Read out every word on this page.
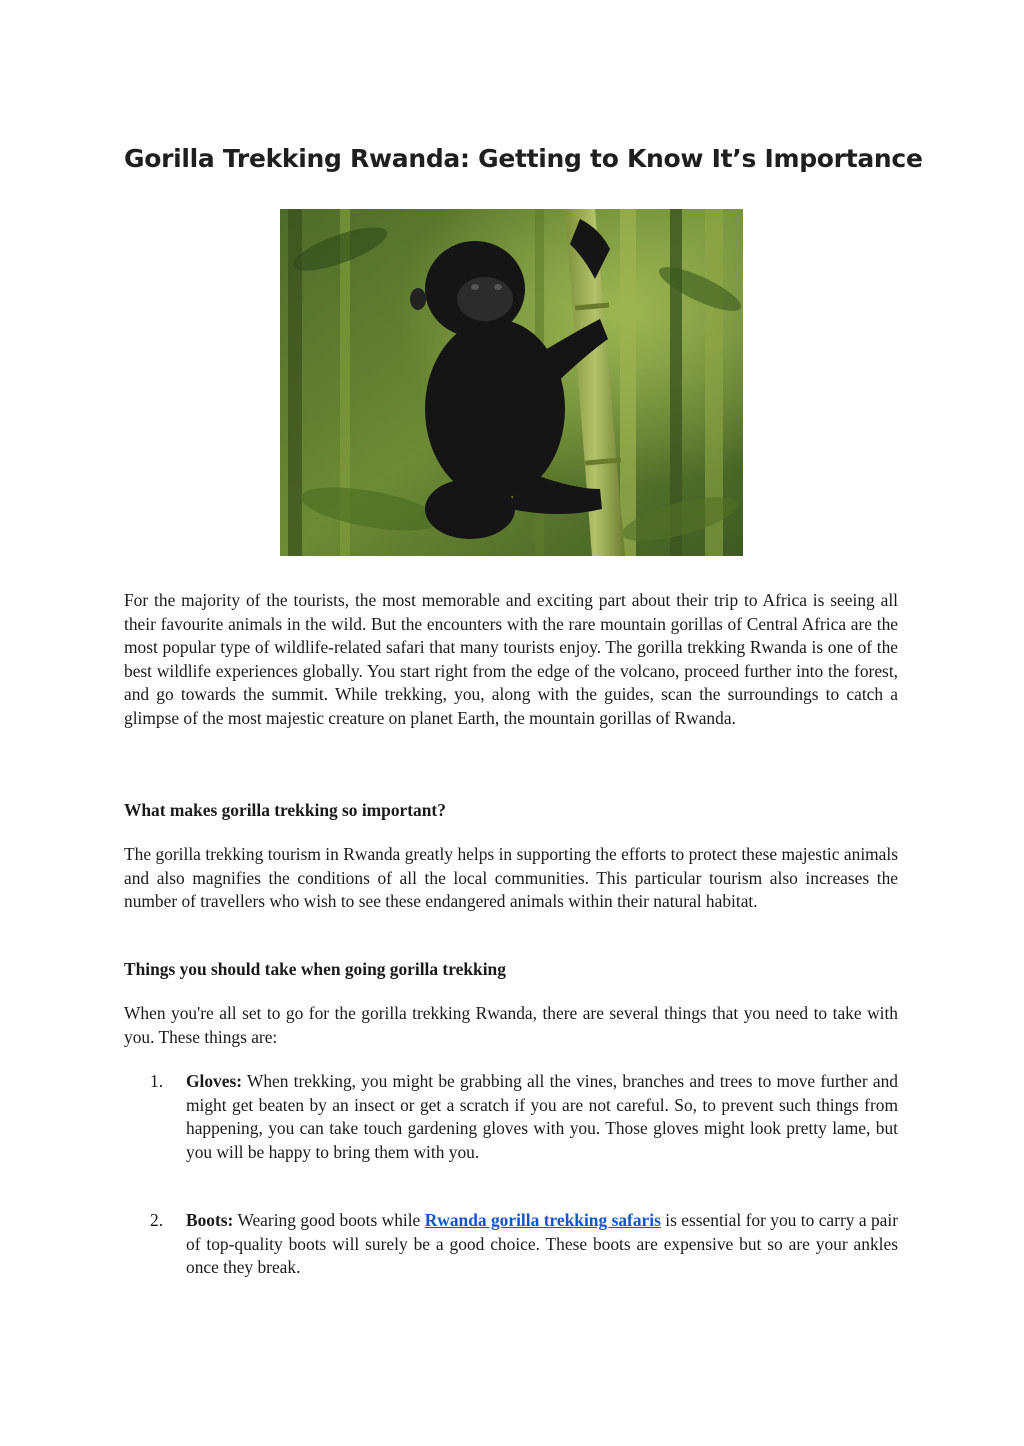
Gorilla Trekking Rwanda: Getting to Know It’s Importance

For the majority of the tourists, the most memorable and exciting part about their trip to Africa is seeing all their favourite animals in the wild. But the encounters with the rare mountain gorillas of Central Africa are the most popular type of wildlife-related safari that many tourists enjoy. The gorilla trekking Rwanda is one of the best wildlife experiences globally. You start right from the edge of the volcano, proceed further into the forest, and go towards the summit. While trekking, you, along with the guides, scan the surroundings to catch a glimpse of the most majestic creature on planet Earth, the mountain gorillas of Rwanda.

What makes gorilla trekking so important?

The gorilla trekking tourism in Rwanda greatly helps in supporting the efforts to protect these majestic animals and also magnifies the conditions of all the local communities. This particular tourism also increases the number of travellers who wish to see these endangered animals within their natural habitat.

Things you should take when going gorilla trekking

When you're all set to go for the gorilla trekking Rwanda, there are several things that you need to take with you. These things are:

1.	Gloves: When trekking, you might be grabbing all the vines, branches and trees to move further and might get beaten by an insect or get a scratch if you are not careful. So, to prevent such things from happening, you can take touch gardening gloves with you. Those gloves might look pretty lame, but you will be happy to bring them with you.
2.	Boots: Wearing good boots while Rwanda gorilla trekking safaris is essential for you to carry a pair of top-quality boots will surely be a good choice. These boots are expensive but so are your ankles once they break.
